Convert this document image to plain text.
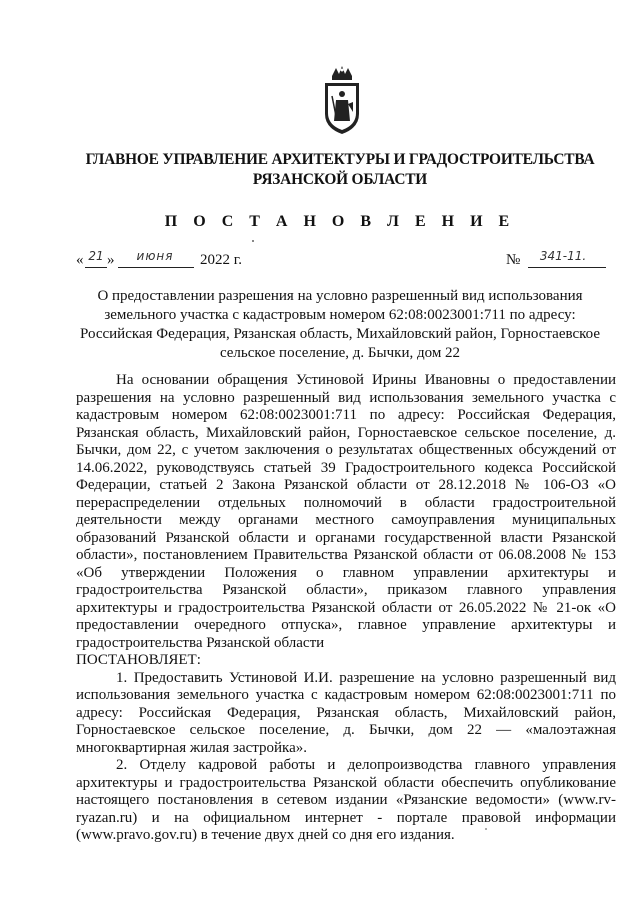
ГЛАВНОЕ УПРАВЛЕНИЕ АРХИТЕКТУРЫ И ГРАДОСТРОИТЕЛЬСТВА
РЯЗАНСКОЙ ОБЛАСТИ
П О С Т А Н О В Л Е Н И Е
« 21 »	июня	2022 г.	№	341-11.
О предоставлении разрешения на условно разрешенный вид использования
земельного участка с кадастровым номером 62:08:0023001:711 по адресу:
Российская Федерация, Рязанская область, Михайловский район, Горностаевское
сельское поселение, д. Бычки, дом 22

На основании обращения Устиновой Ирины Ивановны о предоставлении разрешения на условно разрешенный вид использования земельного участка с кадастровым номером 62:08:0023001:711 по адресу: Российская Федерация, Рязанская область, Михайловский район, Горностаевское сельское поселение, д. Бычки, дом 22, с учетом заключения о результатах общественных обсуждений от 14.06.2022, руководствуясь статьей 39 Градостроительного кодекса Российской Федерации, статьей 2 Закона Рязанской области от 28.12.2018 № 106-ОЗ «О перераспределении отдельных полномочий в области градостроительной деятельности между органами местного самоуправления муниципальных образований Рязанской области и органами государственной власти Рязанской области», постановлением Правительства Рязанской области от 06.08.2008 № 153 «Об утверждении Положения о главном управлении архитектуры и градостроительства Рязанской области», приказом главного управления архитектуры и градостроительства Рязанской области от 26.05.2022 № 21-ок «О предоставлении очередного отпуска», главное управление архитектуры и градостроительства Рязанской области

ПОСТАНОВЛЯЕТ:

1. Предоставить Устиновой И.И. разрешение на условно разрешенный вид использования земельного участка с кадастровым номером 62:08:0023001:711 по адресу: Российская Федерация, Рязанская область, Михайловский район, Горностаевское сельское поселение, д. Бычки, дом 22 — «малоэтажная многоквартирная жилая застройка».

2. Отделу кадровой работы и делопроизводства главного управления архитектуры и градостроительства Рязанской области обеспечить опубликование настоящего постановления в сетевом издании «Рязанские ведомости» (www.rv-ryazan.ru) и на официальном интернет - портале правовой информации (www.pravo.gov.ru) в течение двух дней со дня его издания.
